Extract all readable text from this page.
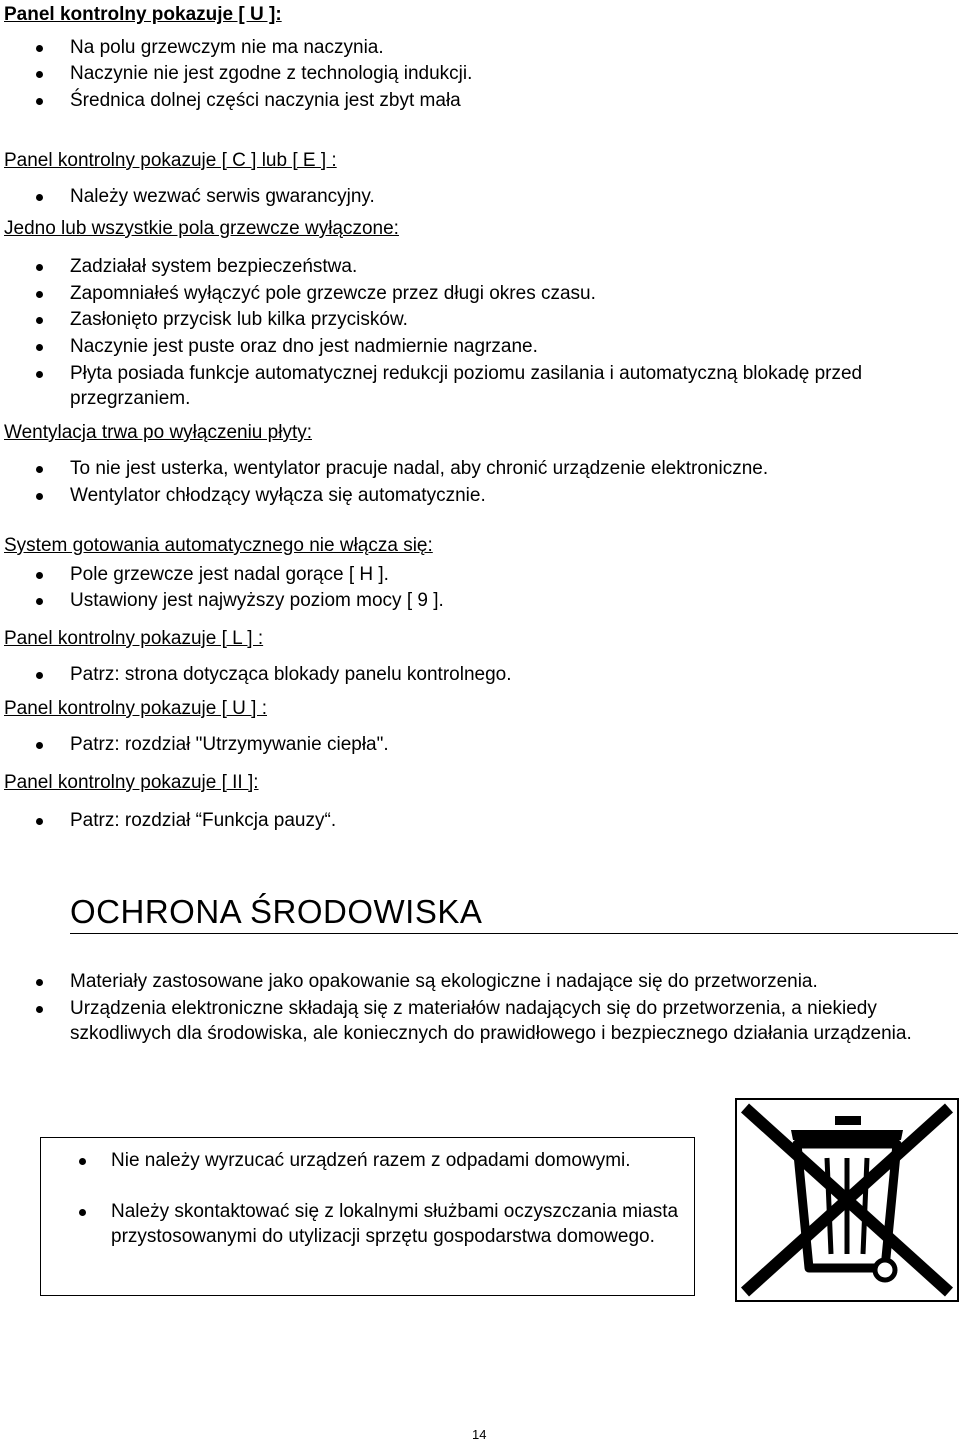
Panel kontrolny pokazuje [ U ]:
Na polu grzewczym nie ma naczynia.
Naczynie nie jest zgodne z technologią indukcji.
Średnica dolnej części naczynia jest zbyt mała
Panel kontrolny pokazuje [ C ] lub [ E ] :
Należy wezwać serwis gwarancyjny.
Jedno lub wszystkie pola grzewcze wyłączone:
Zadziałał system bezpieczeństwa.
Zapomniałeś wyłączyć pole grzewcze przez długi okres czasu.
Zasłonięto przycisk lub kilka przycisków.
Naczynie jest puste oraz dno jest nadmiernie nagrzane.
Płyta posiada funkcje automatycznej redukcji poziomu zasilania i automatyczną blokadę przed przegrzaniem.
Wentylacja trwa po wyłączeniu płyty:
To nie jest usterka, wentylator pracuje nadal, aby chronić urządzenie elektroniczne.
Wentylator chłodzący wyłącza się automatycznie.
System gotowania automatycznego nie włącza się:
Pole grzewcze jest nadal gorące [ H ].
Ustawiony jest najwyższy poziom mocy [ 9 ].
Panel kontrolny pokazuje [ L ] :
Patrz: strona dotycząca blokady panelu kontrolnego.
Panel kontrolny pokazuje [ U ] :
Patrz: rozdział "Utrzymywanie ciepła".
Panel kontrolny pokazuje [ II ]:
Patrz: rozdział “Funkcja pauzy“.
OCHRONA ŚRODOWISKA
Materiały zastosowane jako opakowanie są ekologiczne i nadające się do przetworzenia.
Urządzenia elektroniczne składają się z materiałów nadających się do przetworzenia, a niekiedy szkodliwych dla środowiska, ale koniecznych do prawidłowego i bezpiecznego działania urządzenia.
Nie należy wyrzucać urządzeń razem z odpadami domowymi.
Należy skontaktować się z lokalnymi służbami oczyszczania miasta przystosowanymi do utylizacji sprzętu gospodarstwa domowego.
14
